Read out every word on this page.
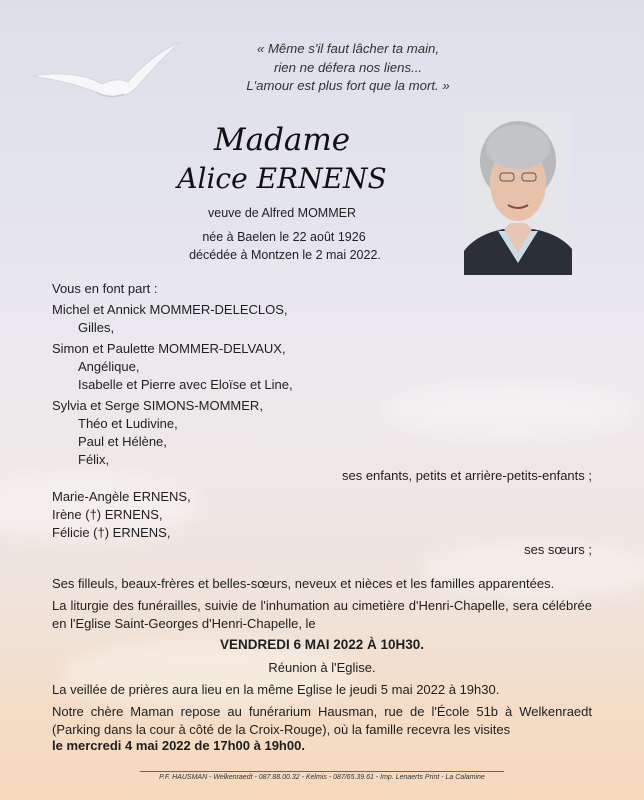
« Même s'il faut lâcher ta main,
rien ne défera nos liens...
L'amour est plus fort que la mort. »
Madame
Alice ERNENS
veuve de Alfred MOMMER
née à Baelen le 22 août 1926
décédée à Montzen le 2 mai 2022.
Vous en font part :
Michel et Annick MOMMER-DELECLOS,
Gilles,
Simon et Paulette MOMMER-DELVAUX,
Angélique,
Isabelle et Pierre avec Eloïse et Line,
Sylvia et Serge SIMONS-MOMMER,
Théo et Ludivine,
Paul et Hélène,
Félix,
ses enfants, petits et arrière-petits-enfants ;
Marie-Angèle ERNENS,
Irène (†) ERNENS,
Félicie (†) ERNENS,
ses sœurs ;
Ses filleuls, beaux-frères et belles-sœurs, neveux et nièces et les familles apparentées.
La liturgie des funérailles, suivie de l'inhumation au cimetière d'Henri-Chapelle, sera célébrée en l'Eglise Saint-Georges d'Henri-Chapelle, le
VENDREDI 6 MAI 2022 À 10H30.
Réunion à l'Eglise.
La veillée de prières aura lieu en la même Eglise le jeudi 5 mai 2022 à 19h30.
Notre chère Maman repose au funérarium Hausman, rue de l'École 51b à Welkenraedt (Parking dans la cour à côté de la Croix-Rouge), où la famille recevra les visites
le mercredi 4 mai 2022 de 17h00 à 19h00.
P.F. HAUSMAN - Welkenraedt - 087.88.00.32 - Kelmis - 087/65.39.61 - Imp. Lenaerts Print - La Calamine
